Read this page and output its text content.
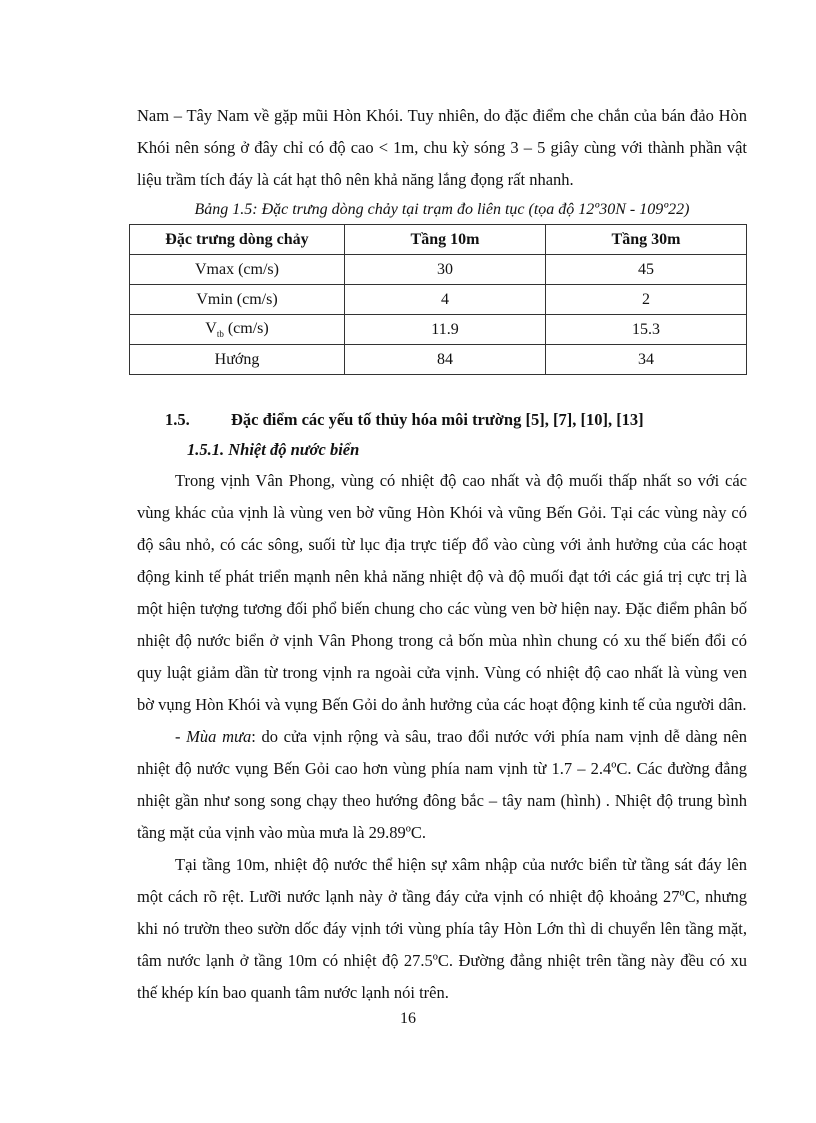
Nam – Tây Nam về gặp mũi Hòn Khói. Tuy nhiên, do đặc điểm che chắn của bán đảo Hòn Khói nên sóng ở đây chỉ có độ cao < 1m, chu kỳ sóng 3 – 5 giây cùng với thành phần vật liệu trầm tích đáy là cát hạt thô nên khả năng lắng đọng rất nhanh.

Bảng 1.5: Đặc trưng dòng chảy tại trạm đo liên tục (tọa độ 12º30N - 109º22)
Đặc trưng dòng chảy	Tầng 10m	Tầng 30m
Vmax (cm/s)	30	45
Vmin (cm/s)	4	2
$V_{tb}$ (cm/s)	11.9	15.3
Hướng	84	34
1.5.	Đặc điểm các yếu tố thủy hóa môi trường [5], [7], [10], [13]
1.5.1. Nhiệt độ nước biển

Trong vịnh Vân Phong, vùng có nhiệt độ cao nhất và độ muối thấp nhất so với các vùng khác của vịnh là vùng ven bờ vũng Hòn Khói và vũng Bến Gỏi. Tại các vùng này có độ sâu nhỏ, có các sông, suối từ lục địa trực tiếp đổ vào cùng với ảnh hưởng của các hoạt động kinh tế phát triển mạnh nên khả năng nhiệt độ và độ muối đạt tới các giá trị cực trị là một hiện tượng tương đối phổ biến chung cho các vùng ven bờ hiện nay. Đặc điểm phân bố nhiệt độ nước biển ở vịnh Vân Phong trong cả bốn mùa nhìn chung có xu thế biến đổi có quy luật giảm dần từ trong vịnh ra ngoài cửa vịnh. Vùng có nhiệt độ cao nhất là vùng ven bờ vụng Hòn Khói và vụng Bến Gỏi do ảnh hưởng của các hoạt động kinh tế của người dân.

- Mùa mưa: do cửa vịnh rộng và sâu, trao đổi nước với phía nam vịnh dễ dàng nên nhiệt độ nước vụng Bến Gỏi cao hơn vùng phía nam vịnh từ 1.7 – 2.4ºC. Các đường đẳng nhiệt gần như song song chạy theo hướng đông bắc – tây nam (hình) . Nhiệt độ trung bình tầng mặt của vịnh vào mùa mưa là 29.89ºC.

Tại tầng 10m, nhiệt độ nước thể hiện sự xâm nhập của nước biển từ tầng sát đáy lên một cách rõ rệt. Lưỡi nước lạnh này ở tầng đáy cửa vịnh có nhiệt độ khoảng 27ºC, nhưng khi nó trườn theo sườn dốc đáy vịnh tới vùng phía tây Hòn Lớn thì di chuyển lên tầng mặt, tâm nước lạnh ở tầng 10m có nhiệt độ 27.5ºC. Đường đẳng nhiệt trên tầng này đều có xu thế khép kín bao quanh tâm nước lạnh nói trên.

16
